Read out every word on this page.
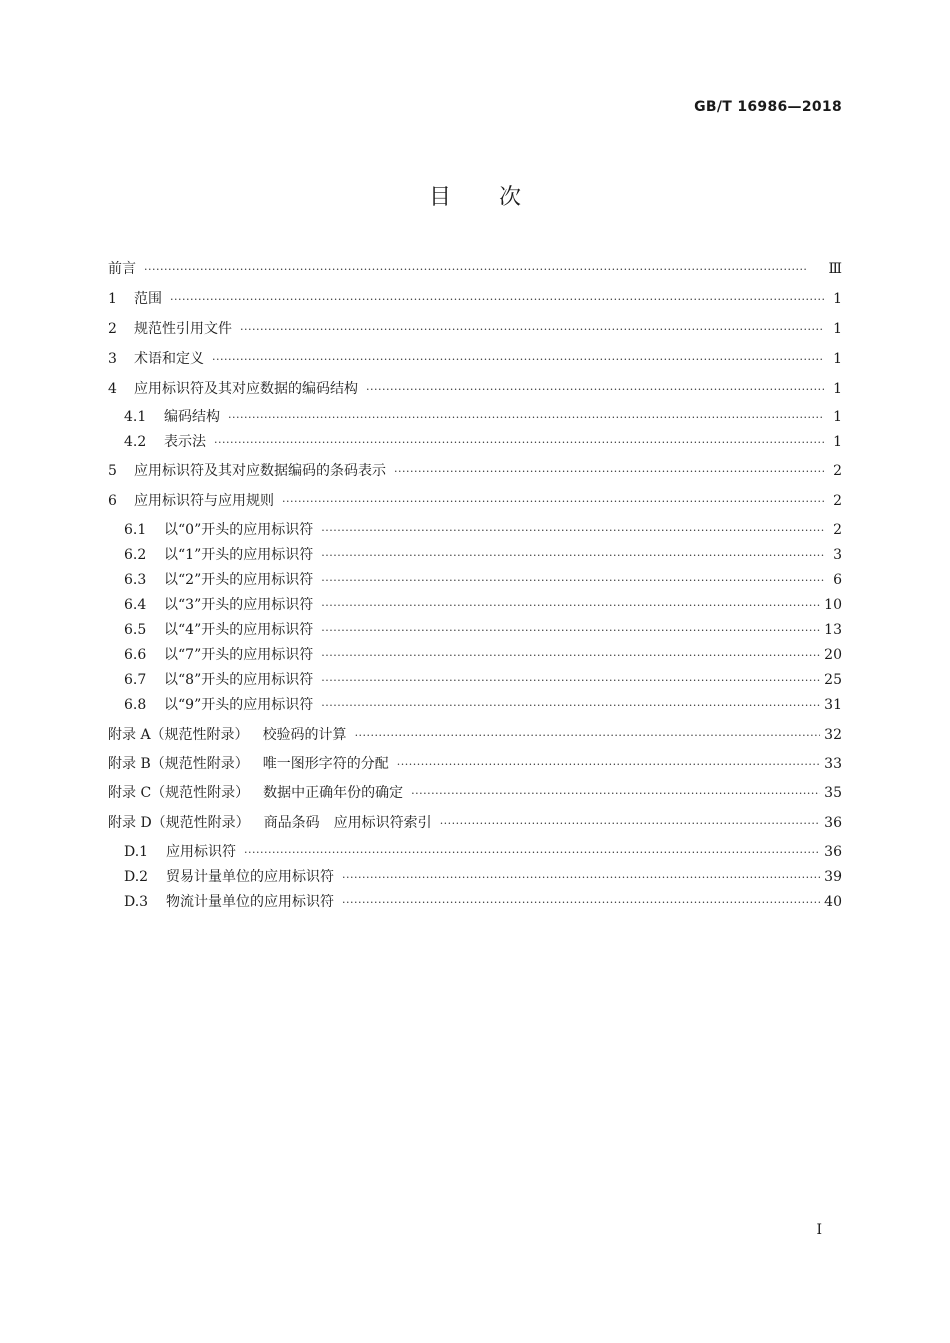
GB/T 16986—2018
目次
前言 ·····	Ⅲ
1	范围 ·····	1
2	规范性引用文件 ·····	1
3	术语和定义 ·····	1
4	应用标识符及其对应数据的编码结构 ·····	1
4.1	编码结构 ·····	1
4.2	表示法 ·····	1
5	应用标识符及其对应数据编码的条码表示 ·····	2
6	应用标识符与应用规则 ·····	2
6.1	以“0”开头的应用标识符 ·····	2
6.2	以“1”开头的应用标识符 ·····	3
6.3	以“2”开头的应用标识符 ·····	6
6.4	以“3”开头的应用标识符 ·····	10
6.5	以“4”开头的应用标识符 ·····	13
6.6	以“7”开头的应用标识符 ·····	20
6.7	以“8”开头的应用标识符 ·····	25
6.8	以“9”开头的应用标识符 ·····	31
附录 A（规范性附录） 校验码的计算 ·····	32
附录 B（规范性附录） 唯一图形字符的分配 ·····	33
附录 C（规范性附录） 数据中正确年份的确定 ·····	35
附录 D（规范性附录） 商品条码　应用标识符索引 ·····	36
D.1	应用标识符 ·····	36
D.2	贸易计量单位的应用标识符 ·····	39
D.3	物流计量单位的应用标识符 ·····	40
I
